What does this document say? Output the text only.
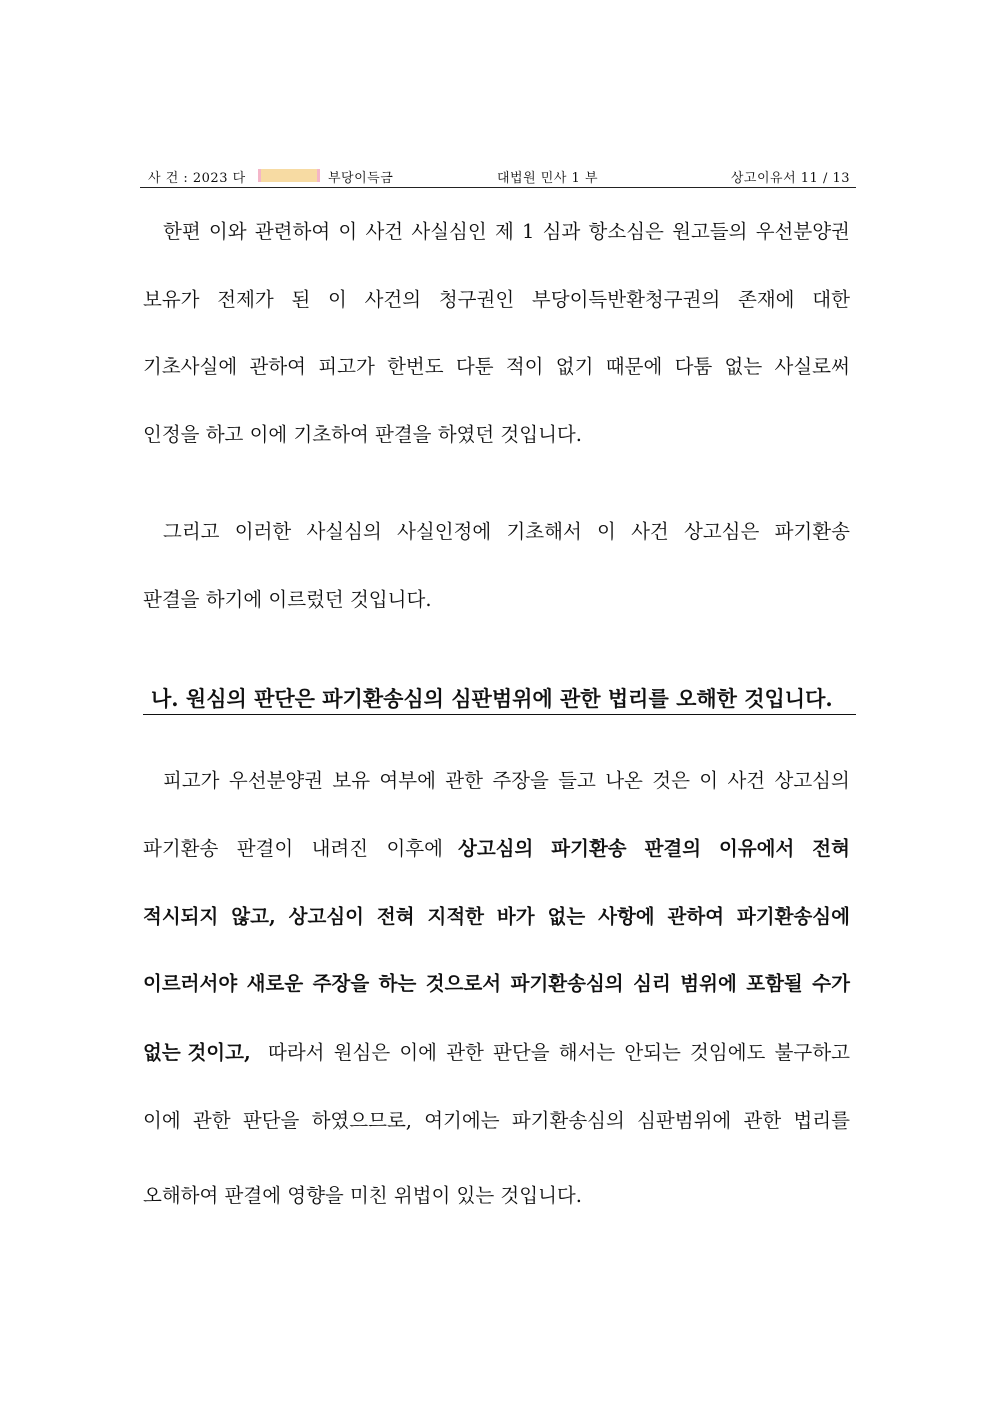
사 건 : 2023 다	부당이득금	대법원 민사 1 부	상고이유서 11 / 13
한편 이와 관련하여 이 사건 사실심인 제 1 심과 항소심은 원고들의 우선분양권
보유가 전제가 된 이 사건의 청구권인 부당이득반환청구권의 존재에 대한
기초사실에 관하여 피고가 한번도 다툰 적이 없기 때문에 다툼 없는 사실로써
인정을 하고 이에 기초하여 판결을 하였던 것입니다.
그리고 이러한 사실심의 사실인정에 기초해서 이 사건 상고심은 파기환송
판결을 하기에 이르렀던 것입니다.
나. 원심의 판단은 파기환송심의 심판범위에 관한 법리를 오해한 것입니다.
피고가 우선분양권 보유 여부에 관한 주장을 들고 나온 것은 이 사건 상고심의
파기환송 판결이 내려진 이후에 상고심의 파기환송 판결의 이유에서 전혀
적시되지 않고, 상고심이 전혀 지적한 바가 없는 사항에 관하여 파기환송심에
이르러서야 새로운 주장을 하는 것으로서 파기환송심의 심리 범위에 포함될 수가
없는 것이고, 따라서 원심은 이에 관한 판단을 해서는 안되는 것임에도 불구하고
이에 관한 판단을 하였으므로, 여기에는 파기환송심의 심판범위에 관한 법리를
오해하여 판결에 영향을 미친 위법이 있는 것입니다.
